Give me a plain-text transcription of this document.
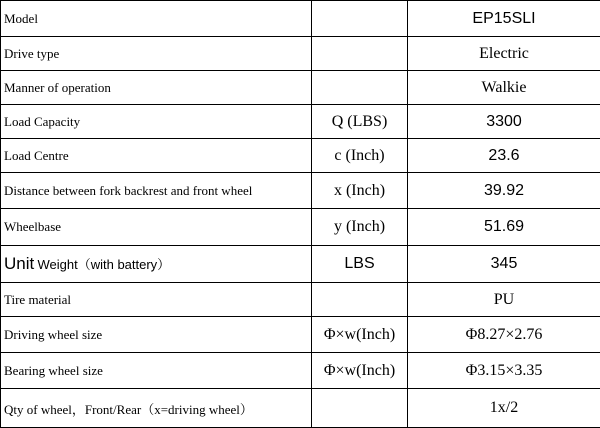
Model		EP15SLI
Drive type		Electric
Manner of operation		Walkie
Load Capacity	Q (LBS)	3300
Load Centre	c (Inch)	23.6
Distance between fork backrest and front wheel	x (Inch)	39.92
Wheelbase	y (Inch)	51.69
Unit Weight（with battery）	LBS	345
Tire material		PU
Driving wheel size	Φ×w(Inch)	Φ8.27×2.76
Bearing wheel size	Φ×w(Inch)	Φ3.15×3.35
Qty of wheel，Front/Rear（x=driving wheel）		1x/2
